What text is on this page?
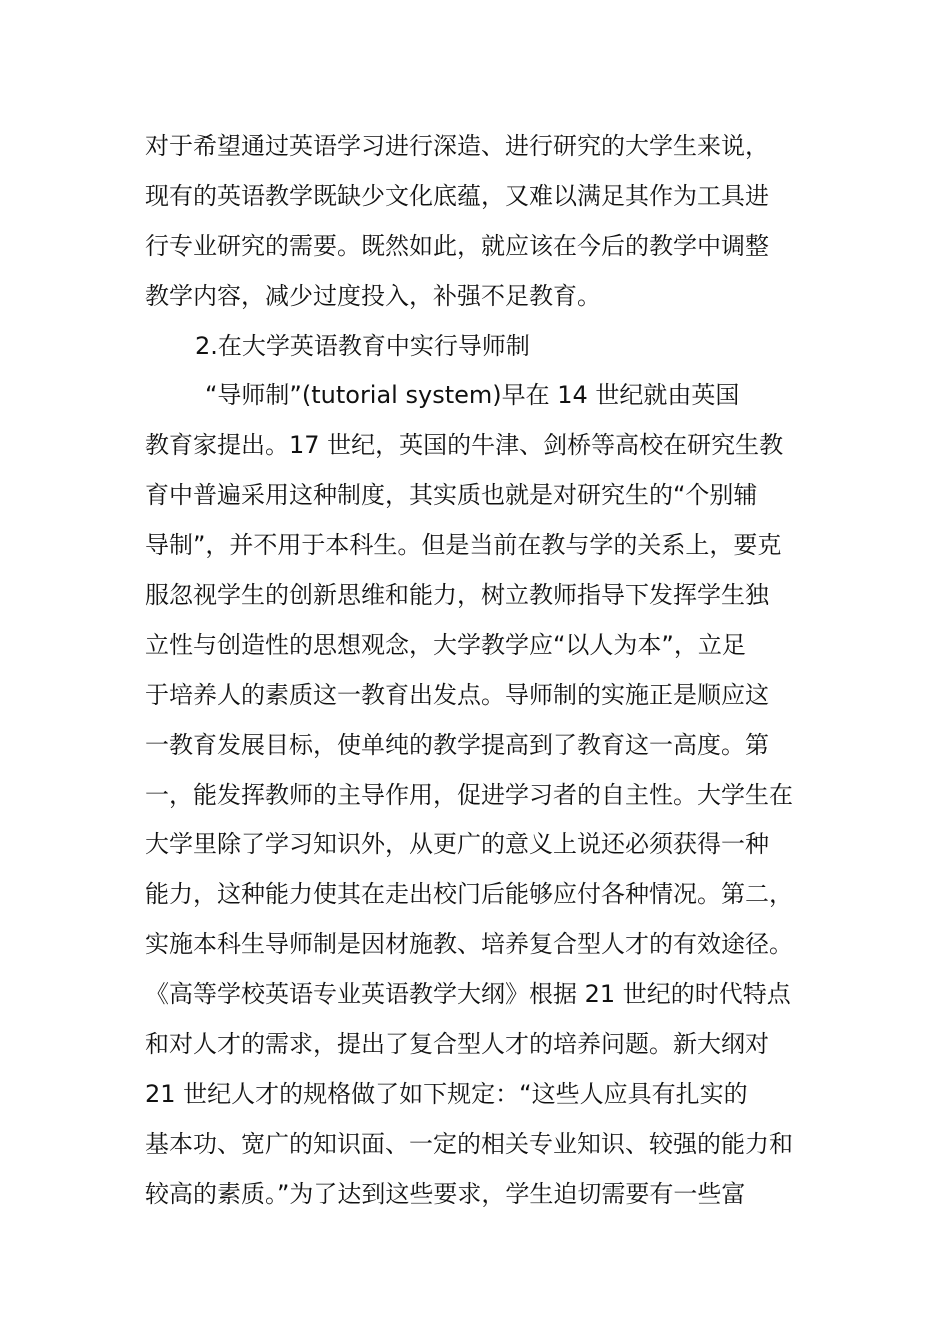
对于希望通过英语学习进行深造、进行研究的大学生来说，
现有的英语教学既缺少文化底蕴，又难以满足其作为工具进
行专业研究的需要。既然如此，就应该在今后的教学中调整
教学内容，减少过度投入，补强不足教育。
2.在大学英语教育中实行导师制
“导师制”(tutorial system)早在 14 世纪就由英国
教育家提出。17 世纪，英国的牛津、剑桥等高校在研究生教
育中普遍采用这种制度，其实质也就是对研究生的“个别辅
导制”，并不用于本科生。但是当前在教与学的关系上，要克
服忽视学生的创新思维和能力，树立教师指导下发挥学生独
立性与创造性的思想观念，大学教学应“以人为本”，立足
于培养人的素质这一教育出发点。导师制的实施正是顺应这
一教育发展目标，使单纯的教学提高到了教育这一高度。第
一，能发挥教师的主导作用，促进学习者的自主性。大学生在
大学里除了学习知识外，从更广的意义上说还必须获得一种
能力，这种能力使其在走出校门后能够应付各种情况。第二，
实施本科生导师制是因材施教、培养复合型人才的有效途径。
《高等学校英语专业英语教学大纲》根据 21 世纪的时代特点
和对人才的需求，提出了复合型人才的培养问题。新大纲对
21 世纪人才的规格做了如下规定：“这些人应具有扎实的
基本功、宽广的知识面、一定的相关专业知识、较强的能力和
较高的素质。”为了达到这些要求，学生迫切需要有一些富
